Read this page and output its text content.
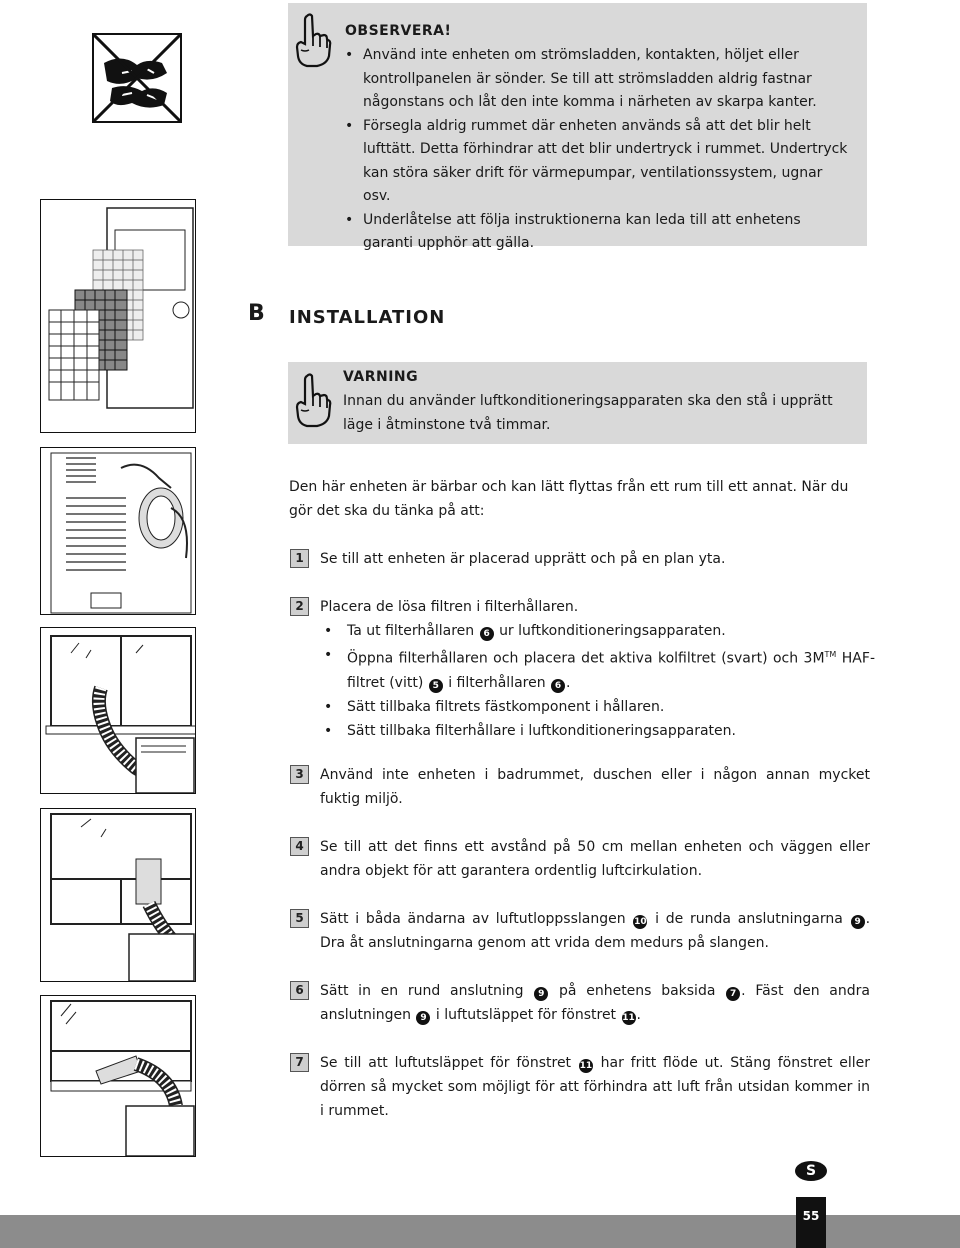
OBSERVERA!
• Använd inte enheten om strömsladden, kontakten, höljet eller kontrollpanelen är sönder. Se till att strömsladden aldrig fastnar någonstans och låt den inte komma i närheten av skarpa kanter.
• Försegla aldrig rummet där enheten används så att det blir helt lufttätt. Detta förhindrar att det blir undertryck i rummet. Undertryck kan störa säker drift för värmepumpar, ventilationssystem, ugnar osv.
• Underlåtelse att följa instruktionerna kan leda till att enhetens garanti upphör att gälla.
B INSTALLATION
VARNING
Innan du använder luftkonditioneringsapparaten ska den stå i upprätt läge i åtminstone två timmar.
Den här enheten är bärbar och kan lätt flyttas från ett rum till ett annat. När du gör det ska du tänka på att:
1	Se till att enheten är placerad upprätt och på en plan yta.
2	Placera de lösa filtren i filterhållaren.
• Ta ut filterhållaren 6 ur luftkonditioneringsapparaten.
• Öppna filterhållaren och placera det aktiva kolfiltret (svart) och 3M™ HAF-filtret (vitt) 5 i filterhållaren 6 .
• Sätt tillbaka filtrets fästkomponent i hållaren.
• Sätt tillbaka filterhållare i luftkonditioneringsapparaten.
3	Använd inte enheten i badrummet, duschen eller i någon annan mycket fuktig miljö.
4	Se till att det finns ett avstånd på 50 cm mellan enheten och väggen eller andra objekt för att garantera ordentlig luftcirkulation.
5	Sätt i båda ändarna av luftutloppsslangen 10 i de runda anslutningarna 9 . Dra åt anslutningarna genom att vrida dem medurs på slangen.
6	Sätt in en rund anslutning 9 på enhetens baksida 7 . Fäst den andra anslutningen 9 i luftutsläppet för fönstret 11 .
7	Se till att luftutsläppet för fönstret 11 har fritt flöde ut. Stäng fönstret eller dörren så mycket som möjligt för att förhindra att luft från utsidan kommer in i rummet.
S
$_{55}$
